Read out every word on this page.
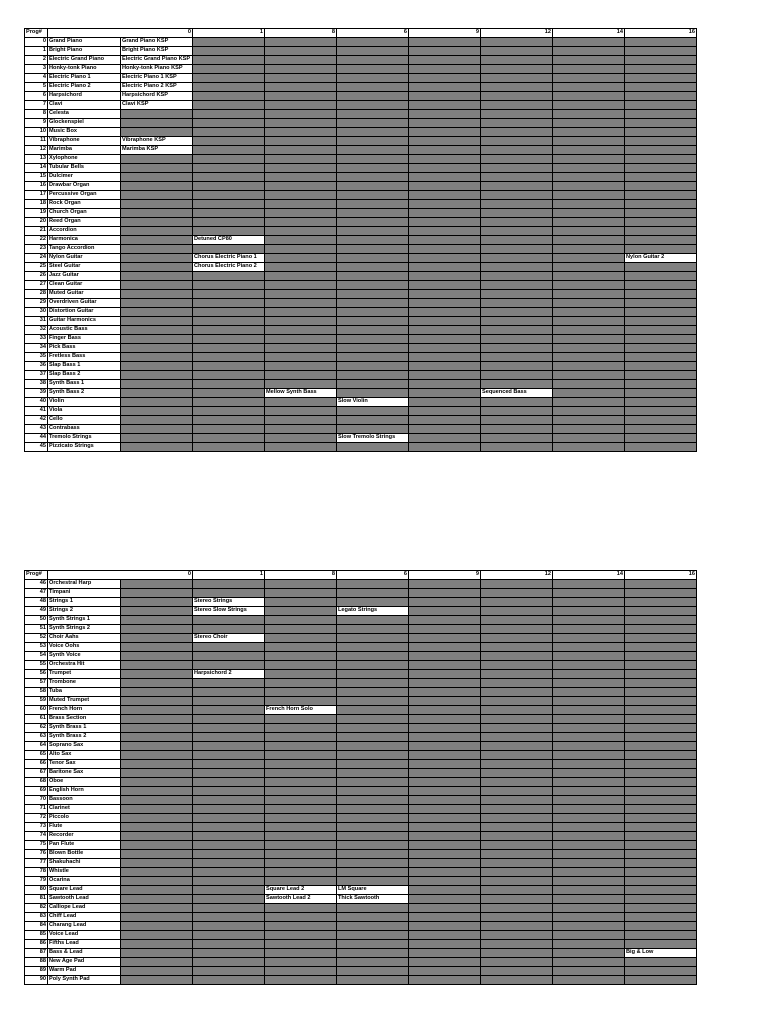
Prog#	0		1	8	6	9	12	14	16	
0	Grand Piano	Grand Piano KSP								
1	Bright Piano	Bright Piano KSP								
2	Electric Grand Piano	Electric Grand Piano KSP								
3	Honky-tonk Piano	Honky-tonk Piano KSP								
4	Electric Piano 1	Electric Piano 1 KSP								
5	Electric Piano 2	Electric Piano 2 KSP								
6	Harpsichord	Harpsichord KSP								
7	Clavi	Clavi KSP								
8	Celesta									
9	Glockenspiel									
10	Music Box									
11	Vibraphone	Vibraphone KSP								
12	Marimba	Marimba KSP								
13	Xylophone									
14	Tubular Bells									
15	Dulcimer									
16	Drawbar Organ									
17	Percussive Organ									
18	Rock Organ									
19	Church Organ									
20	Reed Organ									
21	Accordion									
22	Harmonica		Detuned CP80							
23	Tango Accordion									
24	Nylon Guitar		Chorus Electric Piano 1						Nylon Guitar 2	
25	Steel Guitar		Chorus Electric Piano 2							
26	Jazz Guitar									
27	Clean Guitar									
28	Muted Guitar									
29	Overdriven Guitar									
30	Distortion Guitar									
31	Guitar Harmonics									
32	Acoustic Bass									
33	Finger Bass									
34	Pick Bass									
35	Fretless Bass									
36	Slap Bass 1									
37	Slap Bass 2									
38	Synth Bass 1									
39	Synth Bass 2			Mellow Synth Bass			Sequenced Bass			
40	Violin				Slow Violin					
41	Viola									
42	Cello									
43	Contrabass									
44	Tremolo Strings				Slow Tremolo Strings					
45	Pizzicato Strings									
Prog#	0		1	8	6	9	12	14	16	
46	Orchestral Harp									
47	Timpani									
48	Strings 1		Stereo Strings							
49	Strings 2		Stereo Slow Strings		Legato Strings					
50	Synth Strings 1									
51	Synth Strings 2									
52	Choir Aahs		Stereo Choir							
53	Voice Oohs									
54	Synth Voice									
55	Orchestra Hit									
56	Trumpet		Harpsichord 2							
57	Trombone									
58	Tuba									
59	Muted Trumpet									
60	French Horn			French Horn Solo						
61	Brass Section									
62	Synth Brass 1									
63	Synth Brass 2									
64	Soprano Sax									
65	Alto Sax									
66	Tenor Sax									
67	Baritone Sax									
68	Oboe									
69	English Horn									
70	Bassoon									
71	Clarinet									
72	Piccolo									
73	Flute									
74	Recorder									
75	Pan Flute									
76	Blown Bottle									
77	Shakuhachi									
78	Whistle									
79	Ocarina									
80	Square Lead			Square Lead 2	LM Square					
81	Sawtooth Lead			Sawtooth Lead 2	Thick Sawtooth					
82	Calliope Lead									
83	Chiff Lead									
84	Charang Lead									
85	Voice Lead									
86	Fifths Lead									
87	Bass & Lead								Big & Low	
88	New Age Pad									
89	Warm Pad									
90	Poly Synth Pad									
